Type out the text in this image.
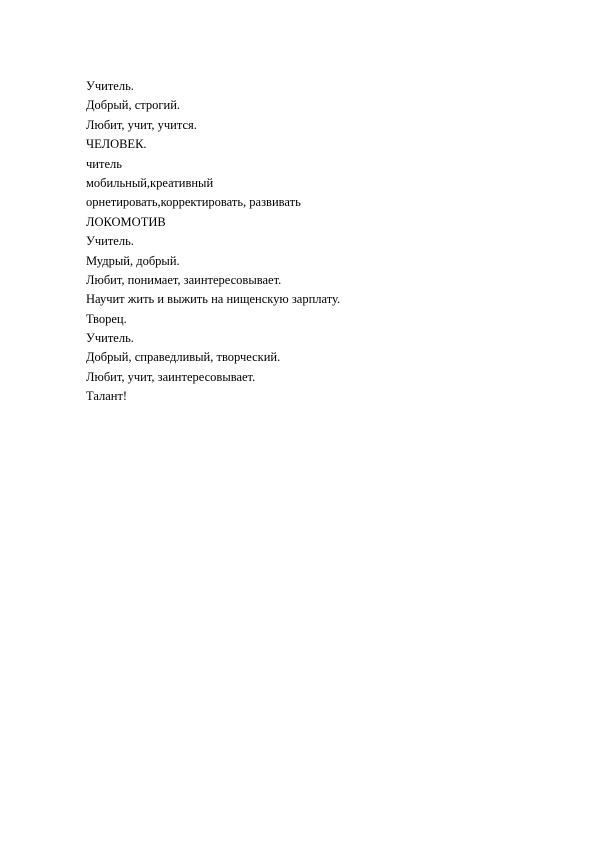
Учитель.

Добрый, строгий.

Любит, учит, учится.

ЧЕЛОВЕК.

читель

мобильный,креативный

орнетировать,корректировать, развивать

ЛОКОМОТИВ

Учитель.

Мудрый, добрый.

Любит, понимает, заинтересовывает.

Научит жить и выжить на нищенскую зарплату.

Творец.

Учитель.

Добрый, справедливый, творческий.

Любит, учит, заинтересовывает.

Талант!
